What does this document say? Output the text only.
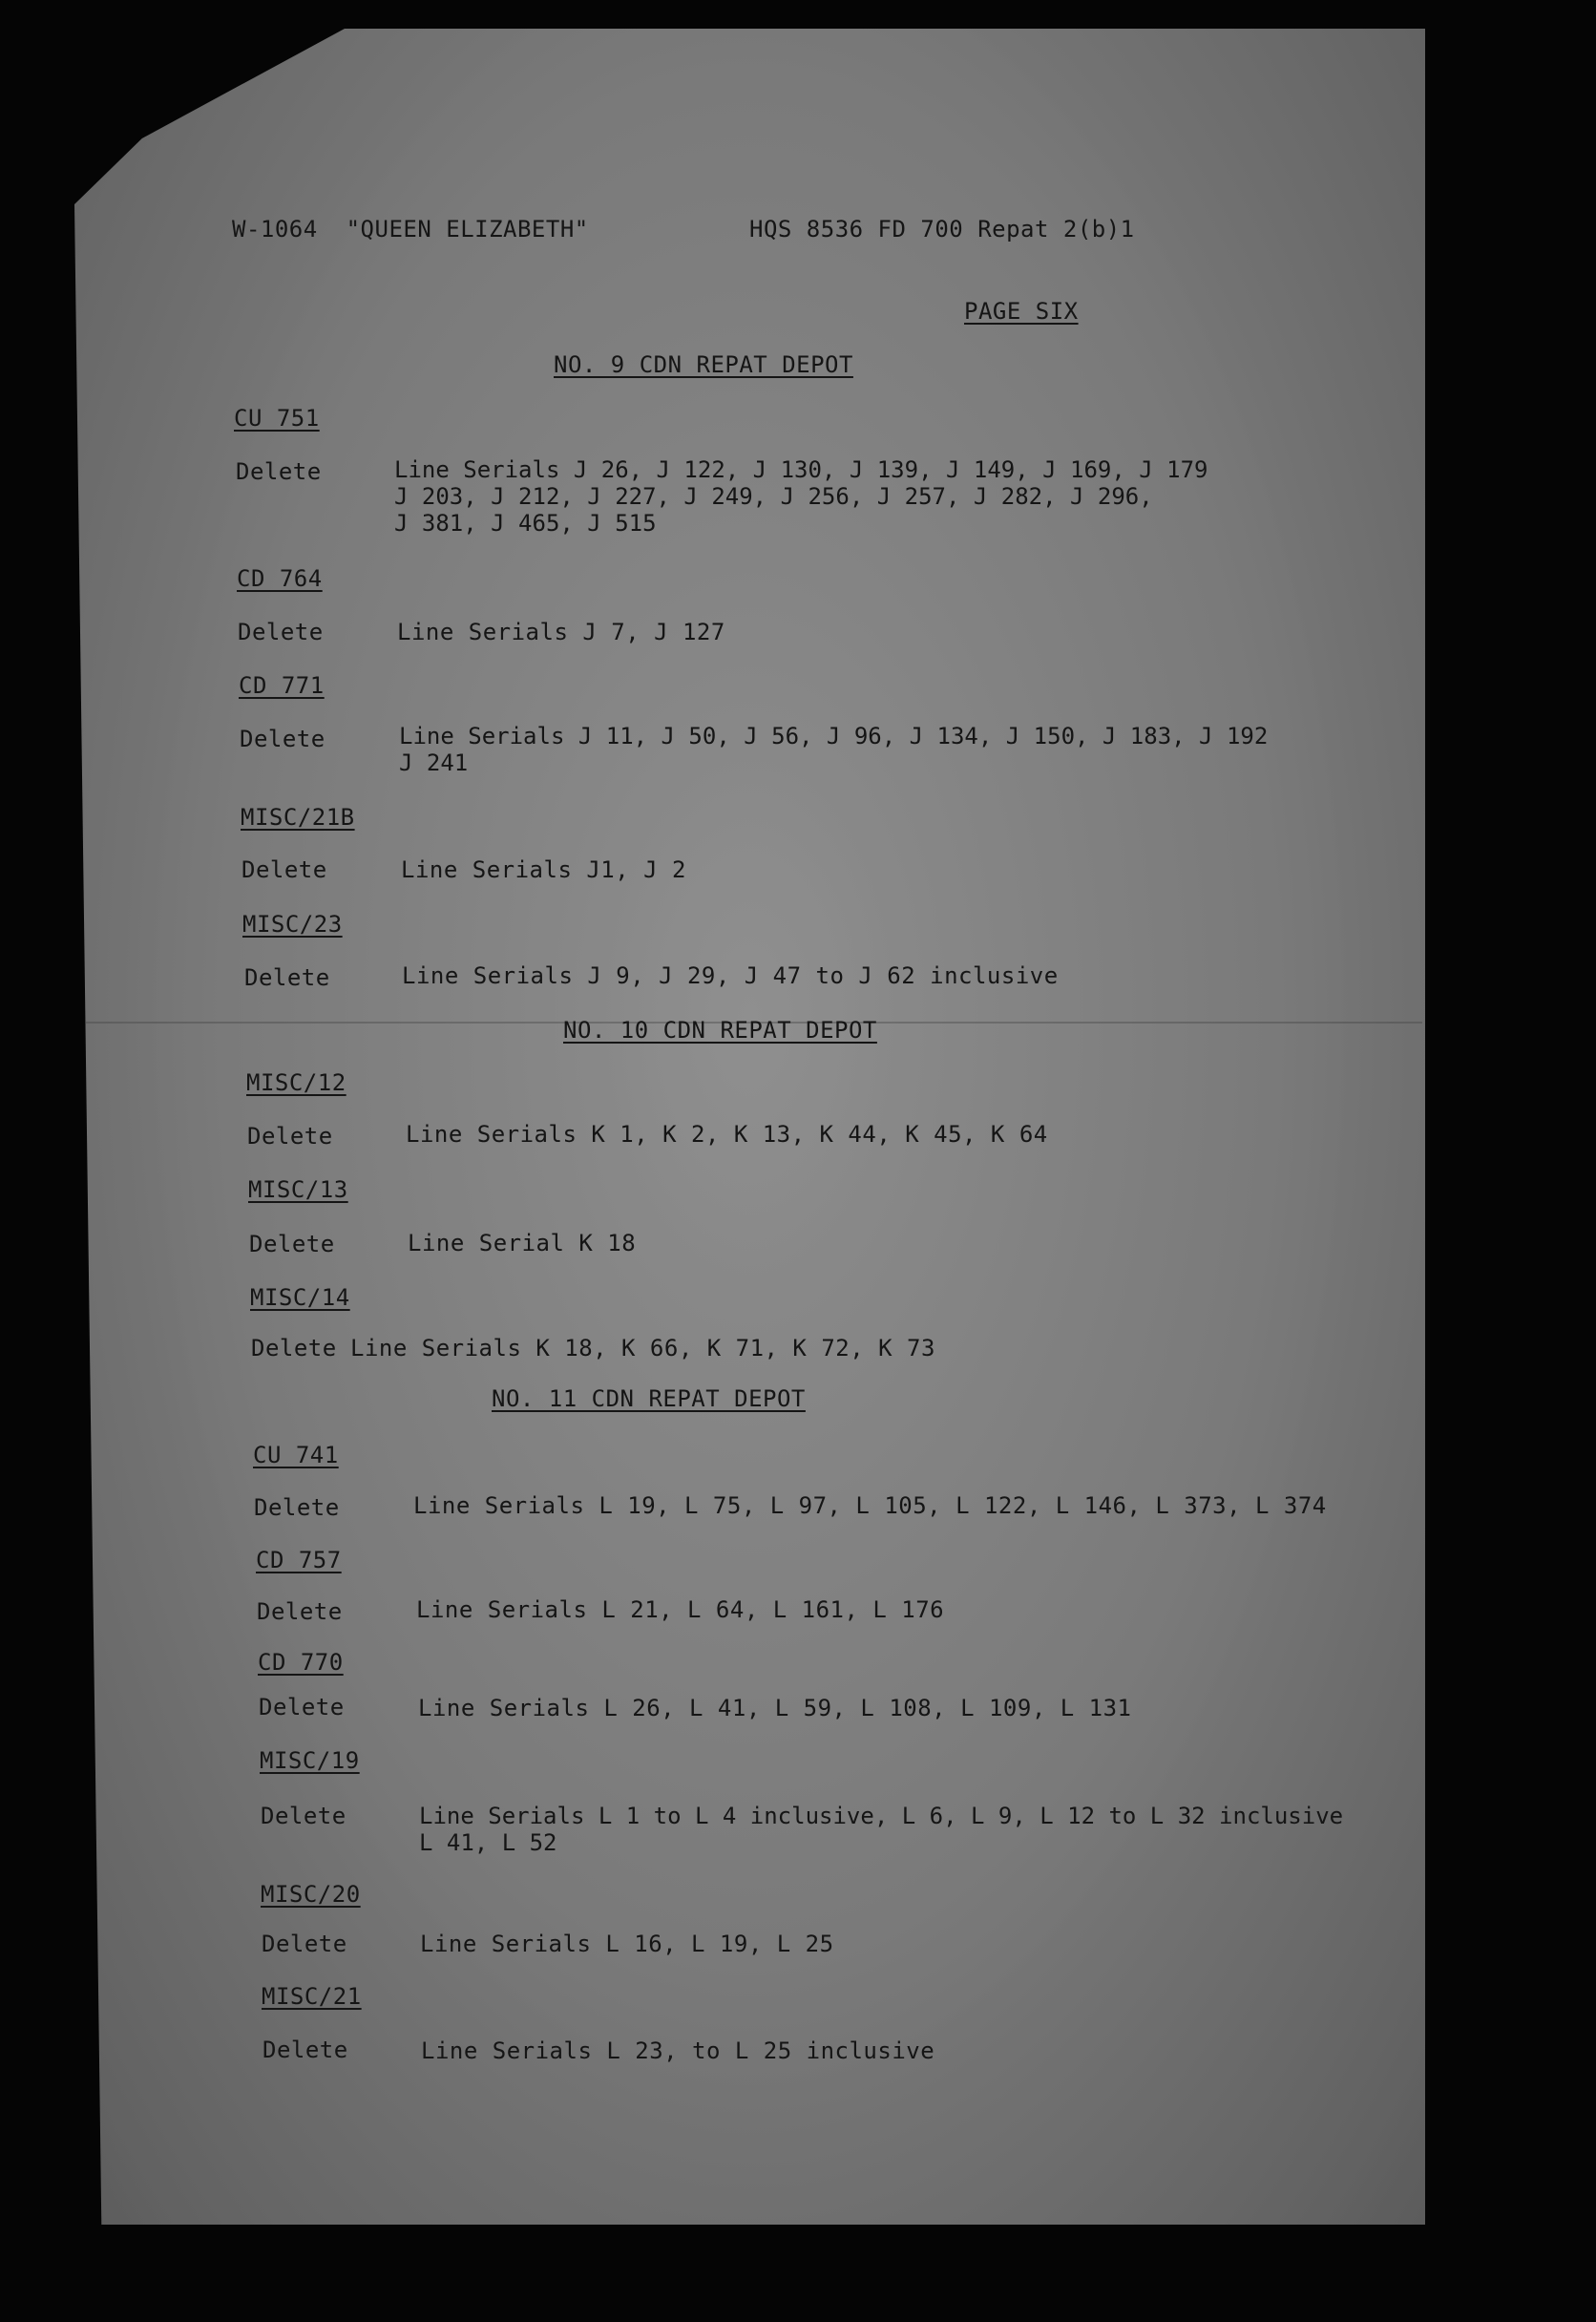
W-1064  "QUEEN ELIZABETH"	HQS 8536 FD 700 Repat 2(b)1
PAGE SIX
NO. 9 CDN REPAT DEPOT
CU 751
Delete	Line Serials J 26, J 122, J 130, J 139, J 149, J 169, J 179
J 203, J 212, J 227, J 249, J 256, J 257, J 282, J 296,
J 381, J 465, J 515
CD 764
Delete	Line Serials J 7, J 127
CD 771
Delete	Line Serials J 11, J 50, J 56, J 96, J 134, J 150, J 183, J 192
J 241
MISC/21B
Delete	Line Serials J1, J 2
MISC/23
Delete	Line Serials J 9, J 29, J 47 to J 62 inclusive
NO. 10 CDN REPAT DEPOT
MISC/12
Delete	Line Serials K 1, K 2, K 13, K 44, K 45, K 64
MISC/13
Delete	Line Serial K 18
MISC/14
Delete Line Serials K 18, K 66, K 71, K 72, K 73
NO. 11 CDN REPAT DEPOT
CU 741
Delete	Line Serials L 19, L 75, L 97, L 105, L 122, L 146, L 373, L 374
CD 757
Delete	Line Serials L 21, L 64, L 161, L 176
CD 770
Delete	Line Serials L 26, L 41, L 59, L 108, L 109, L 131
MISC/19
Delete	Line Serials L 1 to L 4 inclusive, L 6, L 9, L 12 to L 32 inclusive
L 41, L 52
MISC/20
Delete	Line Serials L 16, L 19, L 25
MISC/21
Delete	Line Serials L 23, to L 25 inclusive
